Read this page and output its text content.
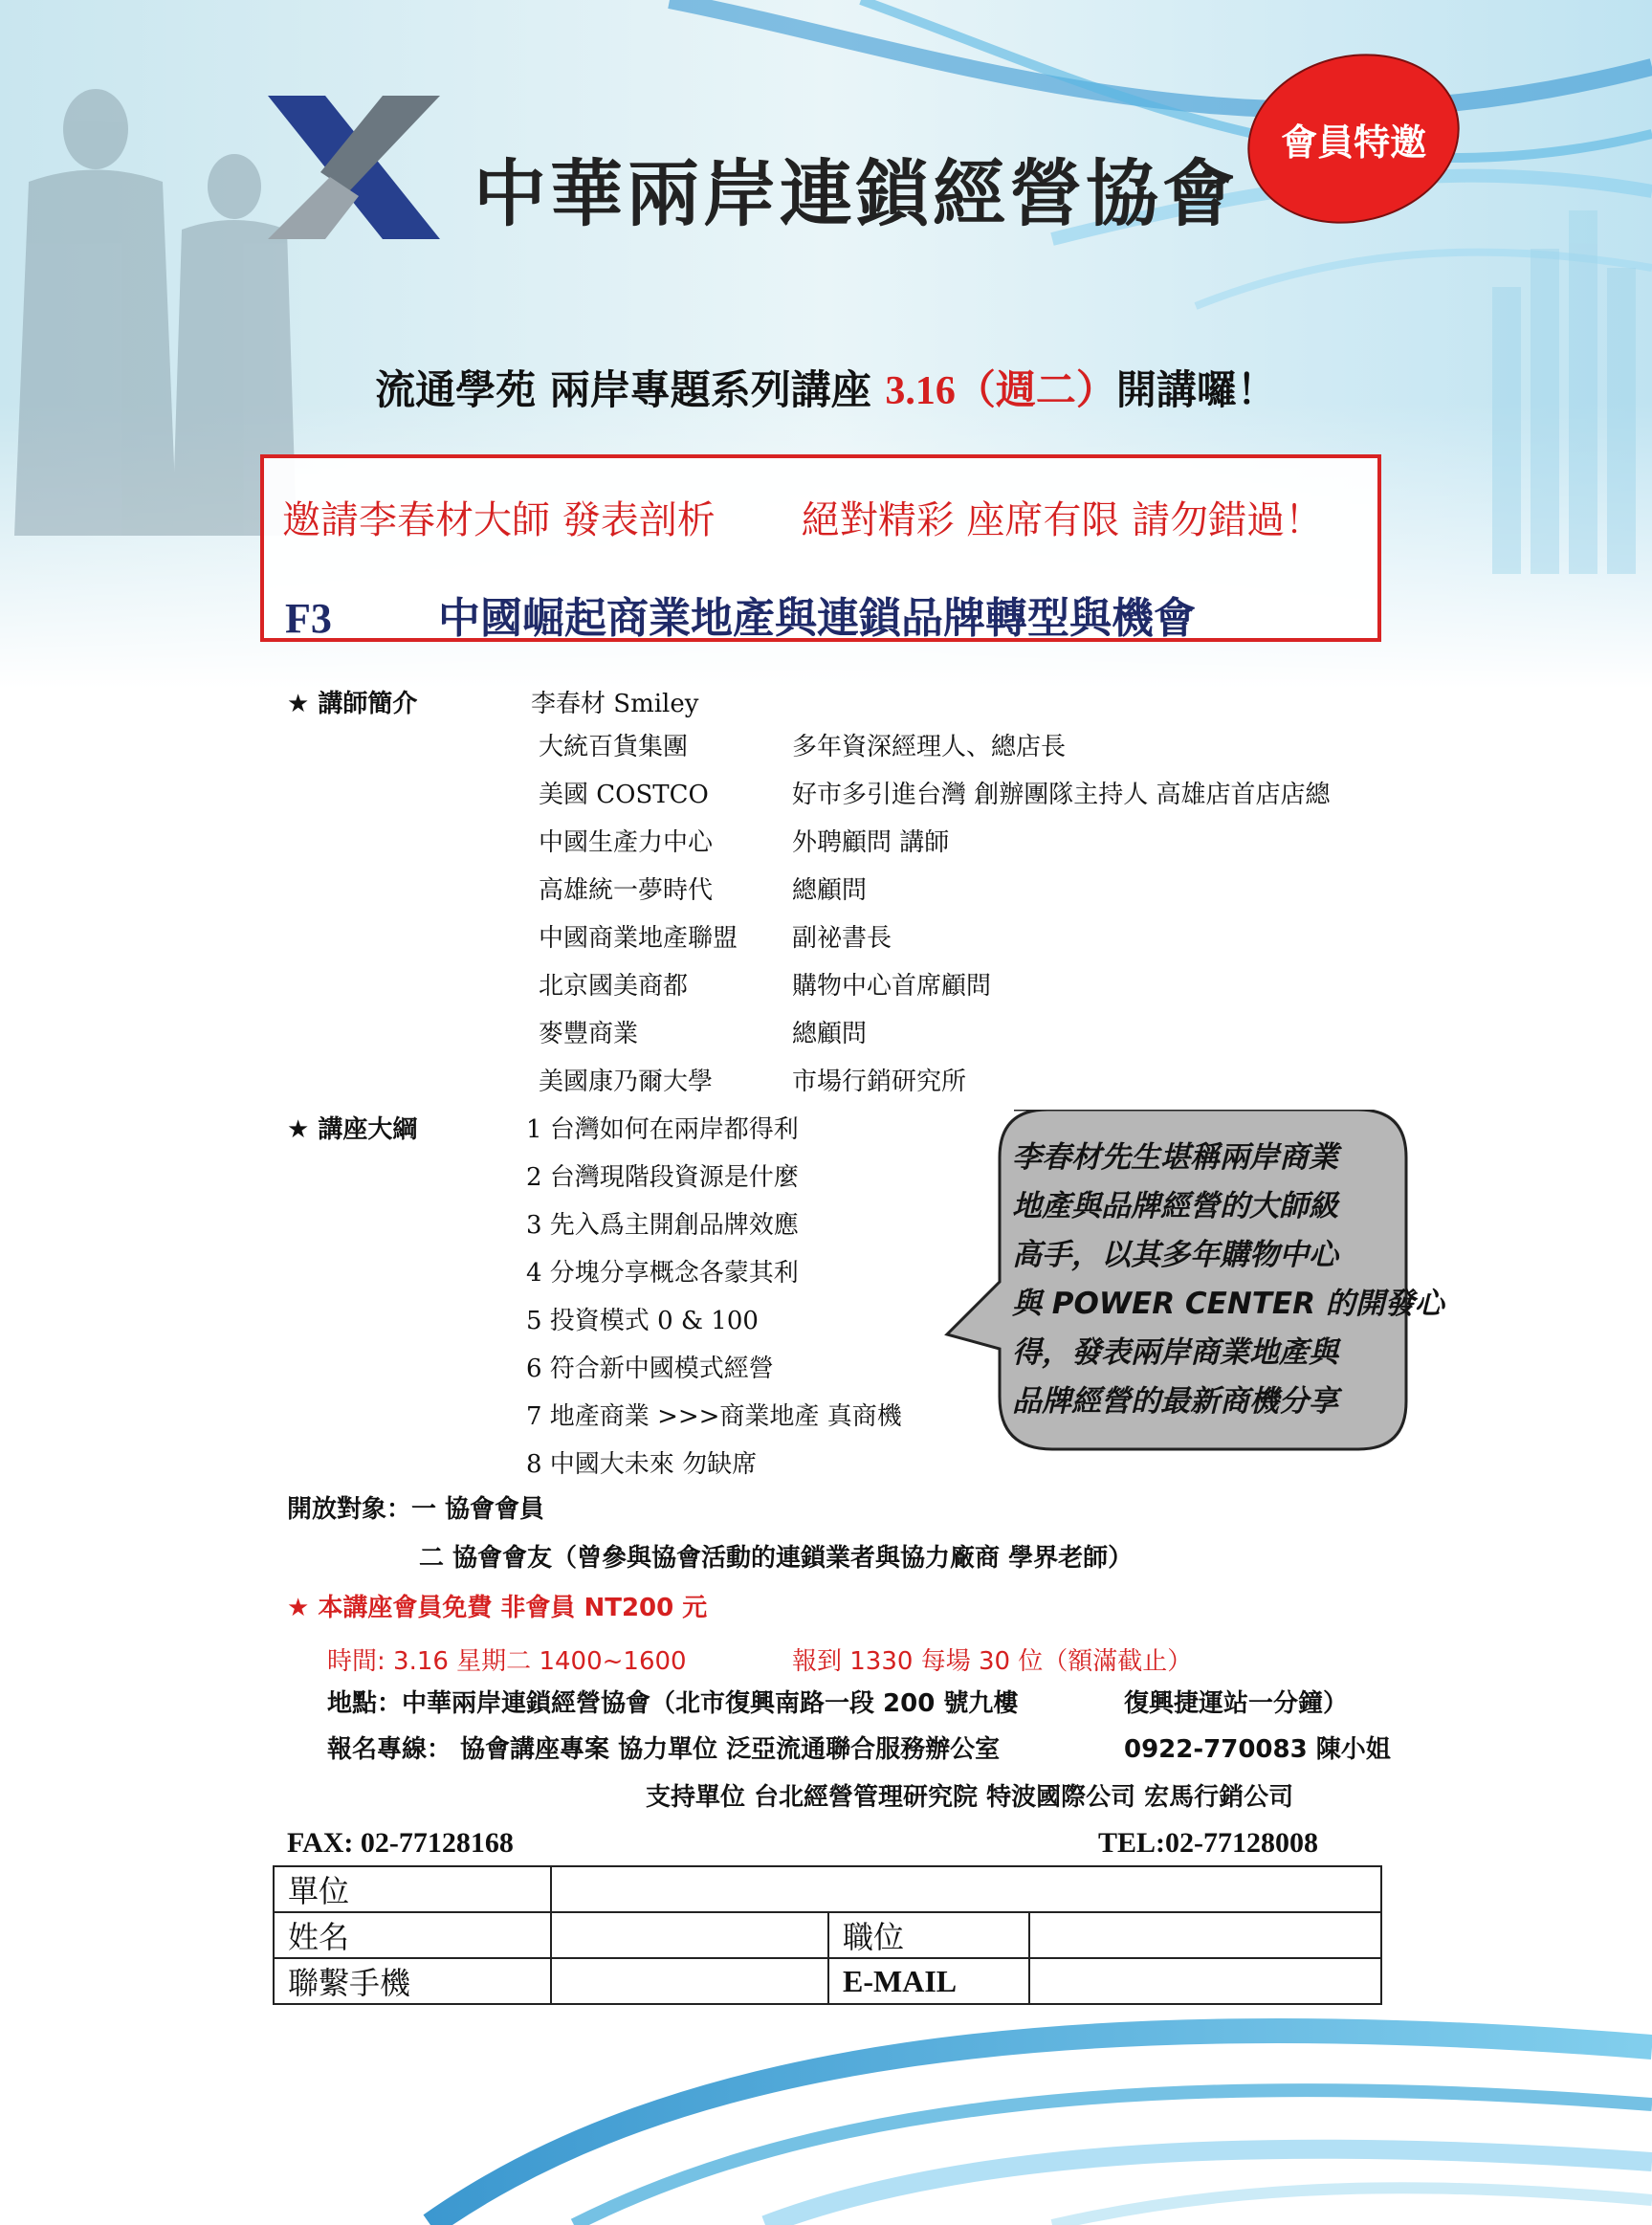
中華兩岸連鎖經營協會
會員特邀
流通學苑 兩岸專題系列講座 3.16（週二）開講囉！
邀請李春材大師 發表剖析 絕對精彩 座席有限 請勿錯過！
F3	中國崛起商業地產與連鎖品牌轉型與機會
★ 講師簡介	李春材 Smiley
大統百貨集團	多年資深經理人、總店長
美國 COSTCO	好市多引進台灣 創辦團隊主持人 高雄店首店店總
中國生產力中心	外聘顧問 講師
高雄統一夢時代	總顧問
中國商業地產聯盟 副祕書長
北京國美商都	購物中心首席顧問
麥豐商業	總顧問
美國康乃爾大學	市場行銷研究所
★ 講座大綱	1 台灣如何在兩岸都得利
2 台灣現階段資源是什麼
3 先入爲主開創品牌效應
4 分塊分享概念各蒙其利
5 投資模式 0 & 100
6 符合新中國模式經營
7 地產商業 >>>商業地產 真商機
8 中國大未來 勿缺席
李春材先生堪稱兩岸商業
地產與品牌經營的大師級
高手，以其多年購物中心
與 POWER CENTER 的開發心
得，發表兩岸商業地產與
品牌經營的最新商機分享
開放對象：一 協會會員
二 協會會友（曾參與協會活動的連鎖業者與協力廠商 學界老師）
★ 本講座會員免費 非會員 NT200 元
時間: 3.16 星期二 1400~1600	報到 1330 每場 30 位（額滿截止）
地點：中華兩岸連鎖經營協會（北市復興南路一段 200 號九樓	復興捷運站一分鐘）
報名專線： 協會講座專案 協力單位 泛亞流通聯合服務辦公室	0922-770083 陳小姐
支持單位 台北經營管理研究院 特波國際公司 宏馬行銷公司
FAX: 02-77128168	TEL:02-77128008
單位			
姓名		職位	
聯繫手機		E-MAIL	
